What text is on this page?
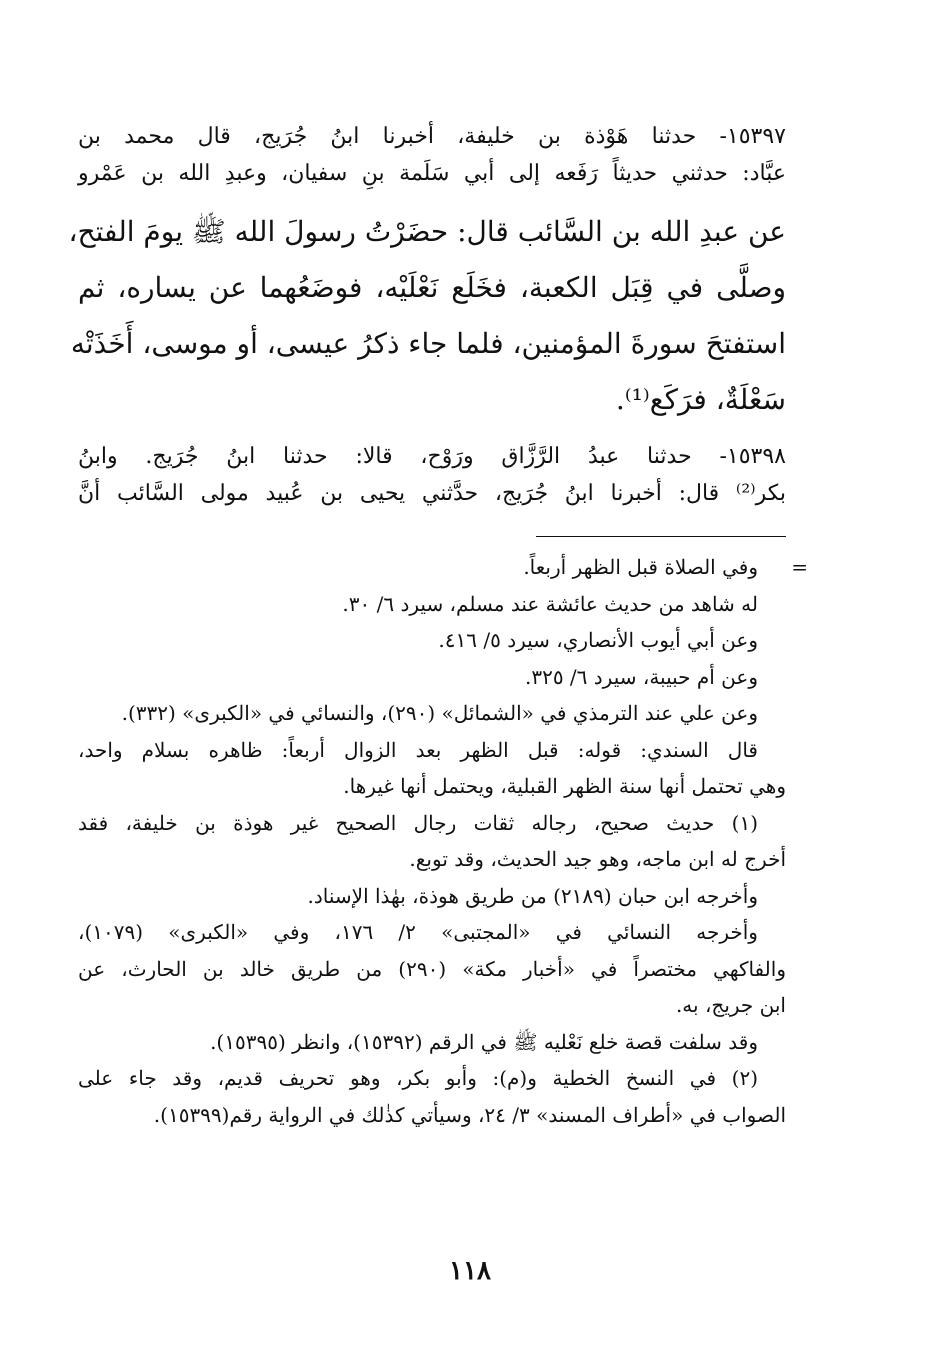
١٥٣٩٧- حدثنا هَوْذة بن خليفة، أخبرنا ابنُ جُرَيج، قال محمد بن
عبَّاد: حدثني حديثاً رَفَعه إلى أبي سَلَمة بنِ سفيان، وعبدِ الله بن عَمْرو
عن عبدِ الله بن السَّائب قال: حضَرْتُ رسولَ الله ﷺ يومَ الفتح،
وصلَّى في قِبَل الكعبة، فخَلَع نَعْلَيْه، فوضَعُهما عن يساره، ثم
استفتحَ سورةَ المؤمنين، فلما جاء ذكرُ عيسى، أو موسى، أَخَذَتْه
سَعْلَةٌ، فرَكَع⁽¹⁾.
١٥٣٩٨- حدثنا عبدُ الرَّزَّاق ورَوْح، قالا: حدثنا ابنُ جُرَيج. وابنُ
بكر⁽²⁾ قال: أخبرنا ابنُ جُرَيج، حدَّثني يحيى بن عُبيد مولى السَّائب أنَّ
=
وفي الصلاة قبل الظهر أربعاً.
له شاهد من حديث عائشة عند مسلم، سيرد ٦/ ٣٠.
وعن أبي أيوب الأنصاري، سيرد ٥/ ٤١٦.
وعن أم حبيبة، سيرد ٦/ ٣٢٥.
وعن علي عند الترمذي في «الشمائل» (٢٩٠)، والنسائي في «الكبرى» (٣٣٢).
قال السندي: قوله: قبل الظهر بعد الزوال أربعاً: ظاهره بسلام واحد،
وهي تحتمل أنها سنة الظهر القبلية، ويحتمل أنها غيرها.
(١) حديث صحيح، رجاله ثقات رجال الصحيح غير هوذة بن خليفة، فقد
أخرج له ابن ماجه، وهو جيد الحديث، وقد توبع.
وأخرجه ابن حبان (٢١٨٩) من طريق هوذة، بهٰذا الإسناد.
وأخرجه النسائي في «المجتبى» ٢/ ١٧٦، وفي «الكبرى» (١٠٧٩)،
والفاكهي مختصراً في «أخبار مكة» (٢٩٠) من طريق خالد بن الحارث، عن
ابن جريج، به.
وقد سلفت قصة خلع نَعْليه ﷺ في الرقم (١٥٣٩٢)، وانظر (١٥٣٩٥).
(٢) في النسخ الخطية و(م): وأبو بكر، وهو تحريف قديم، وقد جاء على
الصواب في «أطراف المسند» ٣/ ٢٤، وسيأتي كذٰلك في الرواية رقم(١٥٣٩٩).
١١٨
